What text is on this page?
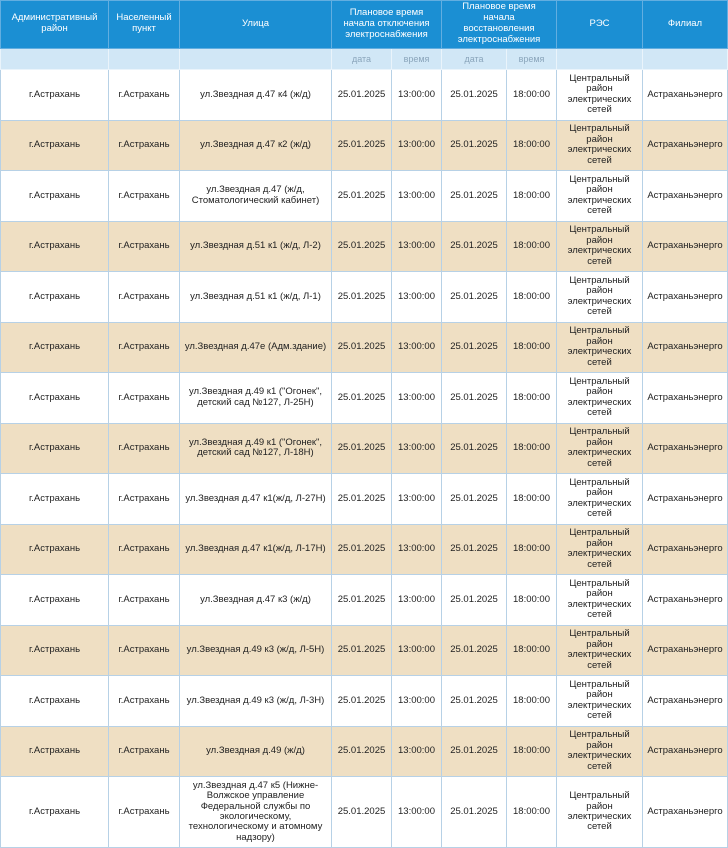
Административный район	Населенный пункт	Улица	Плановое время начала отключения электроснабжения		Плановое время начала восстановления электроснабжения		РЭС	Филиал
			дата	время	дата	время		
г.Астрахань	г.Астрахань	ул.Звездная д.47 к4 (ж/д)	25.01.2025	13:00:00	25.01.2025	18:00:00	Центральный район электрических сетей	Астраханьэнерго
г.Астрахань	г.Астрахань	ул.Звездная д.47 к2 (ж/д)	25.01.2025	13:00:00	25.01.2025	18:00:00	Центральный район электрических сетей	Астраханьэнерго
г.Астрахань	г.Астрахань	ул.Звездная д.47 (ж/д, Стоматологический кабинет)	25.01.2025	13:00:00	25.01.2025	18:00:00	Центральный район электрических сетей	Астраханьэнерго
г.Астрахань	г.Астрахань	ул.Звездная д.51 к1 (ж/д, Л-2)	25.01.2025	13:00:00	25.01.2025	18:00:00	Центральный район электрических сетей	Астраханьэнерго
г.Астрахань	г.Астрахань	ул.Звездная д.51 к1 (ж/д, Л-1)	25.01.2025	13:00:00	25.01.2025	18:00:00	Центральный район электрических сетей	Астраханьэнерго
г.Астрахань	г.Астрахань	ул.Звездная д.47е (Адм.здание)	25.01.2025	13:00:00	25.01.2025	18:00:00	Центральный район электрических сетей	Астраханьэнерго
г.Астрахань	г.Астрахань	ул.Звездная д.49 к1 ("Огонек", детский сад №127, Л-25Н)	25.01.2025	13:00:00	25.01.2025	18:00:00	Центральный район электрических сетей	Астраханьэнерго
г.Астрахань	г.Астрахань	ул.Звездная д.49 к1 ("Огонек", детский сад №127, Л-18Н)	25.01.2025	13:00:00	25.01.2025	18:00:00	Центральный район электрических сетей	Астраханьэнерго
г.Астрахань	г.Астрахань	ул.Звездная д.47 к1(ж/д, Л-27Н)	25.01.2025	13:00:00	25.01.2025	18:00:00	Центральный район электрических сетей	Астраханьэнерго
г.Астрахань	г.Астрахань	ул.Звездная д.47 к1(ж/д, Л-17Н)	25.01.2025	13:00:00	25.01.2025	18:00:00	Центральный район электрических сетей	Астраханьэнерго
г.Астрахань	г.Астрахань	ул.Звездная д.47 к3 (ж/д)	25.01.2025	13:00:00	25.01.2025	18:00:00	Центральный район электрических сетей	Астраханьэнерго
г.Астрахань	г.Астрахань	ул.Звездная д.49 к3 (ж/д, Л-5Н)	25.01.2025	13:00:00	25.01.2025	18:00:00	Центральный район электрических сетей	Астраханьэнерго
г.Астрахань	г.Астрахань	ул.Звездная д.49 к3 (ж/д, Л-3Н)	25.01.2025	13:00:00	25.01.2025	18:00:00	Центральный район электрических сетей	Астраханьэнерго
г.Астрахань	г.Астрахань	ул.Звездная д.49 (ж/д)	25.01.2025	13:00:00	25.01.2025	18:00:00	Центральный район электрических сетей	Астраханьэнерго
г.Астрахань	г.Астрахань	ул.Звездная д.47 к5 (Нижне-Волжское управление Федеральной службы по экологическому, технологическому и атомному надзору)	25.01.2025	13:00:00	25.01.2025	18:00:00	Центральный район электрических сетей	Астраханьэнерго
